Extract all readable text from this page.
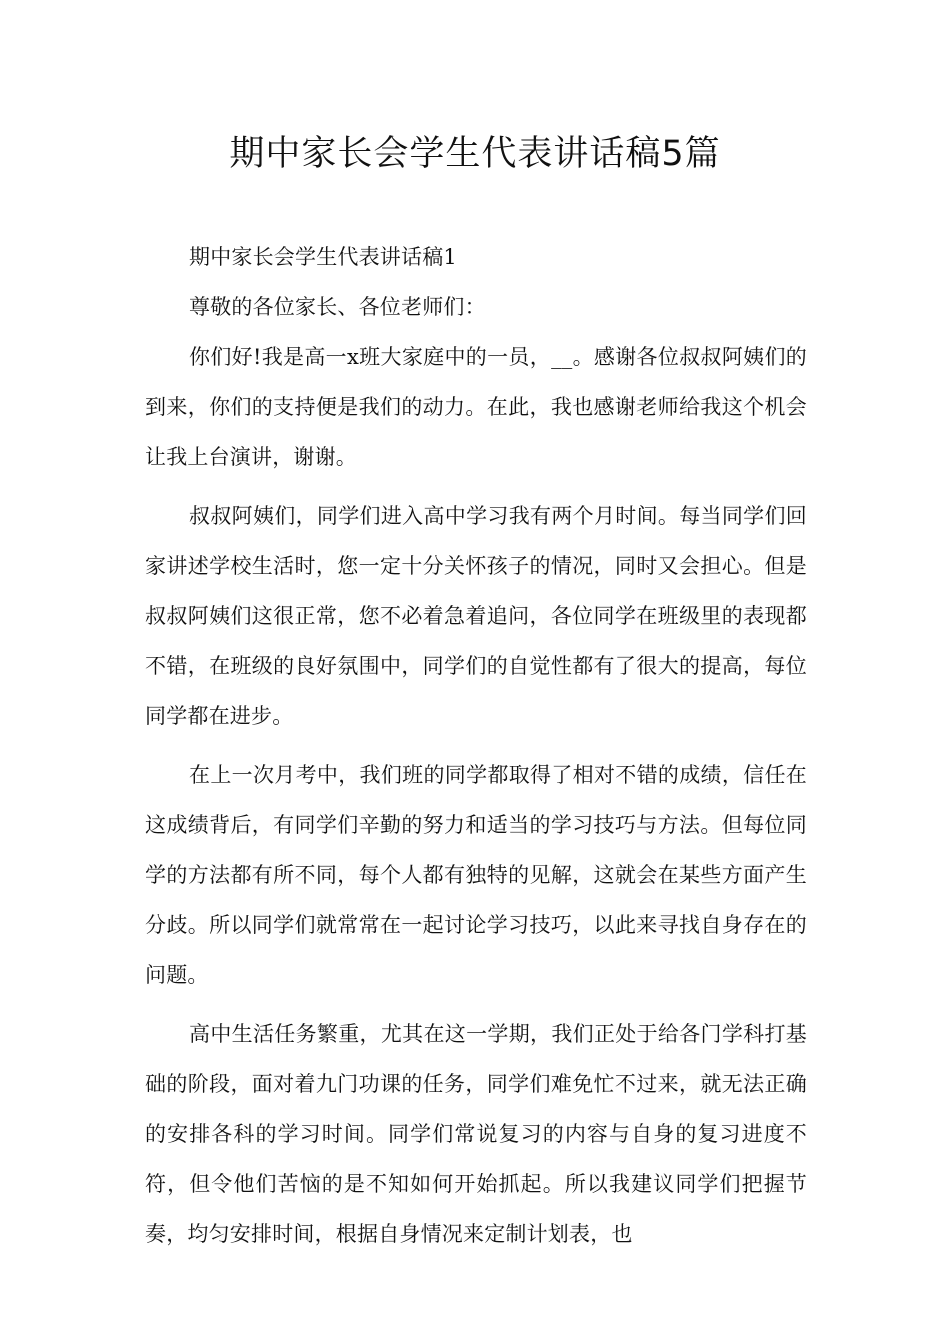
期中家长会学生代表讲话稿5篇

期中家长会学生代表讲话稿1

尊敬的各位家长、各位老师们：

你们好!我是高一x班大家庭中的一员，__。感谢各位叔叔阿姨们的到来，你们的支持便是我们的动力。在此，我也感谢老师给我这个机会让我上台演讲，谢谢。

叔叔阿姨们，同学们进入高中学习我有两个月时间。每当同学们回家讲述学校生活时，您一定十分关怀孩子的情况，同时又会担心。但是叔叔阿姨们这很正常，您不必着急着追问，各位同学在班级里的表现都不错，在班级的良好氛围中，同学们的自觉性都有了很大的提高，每位同学都在进步。

在上一次月考中，我们班的同学都取得了相对不错的成绩，信任在这成绩背后，有同学们辛勤的努力和适当的学习技巧与方法。但每位同学的方法都有所不同，每个人都有独特的见解，这就会在某些方面产生分歧。所以同学们就常常在一起讨论学习技巧，以此来寻找自身存在的问题。

高中生活任务繁重，尤其在这一学期，我们正处于给各门学科打基础的阶段，面对着九门功课的任务，同学们难免忙不过来，就无法正确的安排各科的学习时间。同学们常说复习的内容与自身的复习进度不符，但令他们苦恼的是不知如何开始抓起。所以我建议同学们把握节奏，均匀安排时间，根据自身情况来定制计划表，也
